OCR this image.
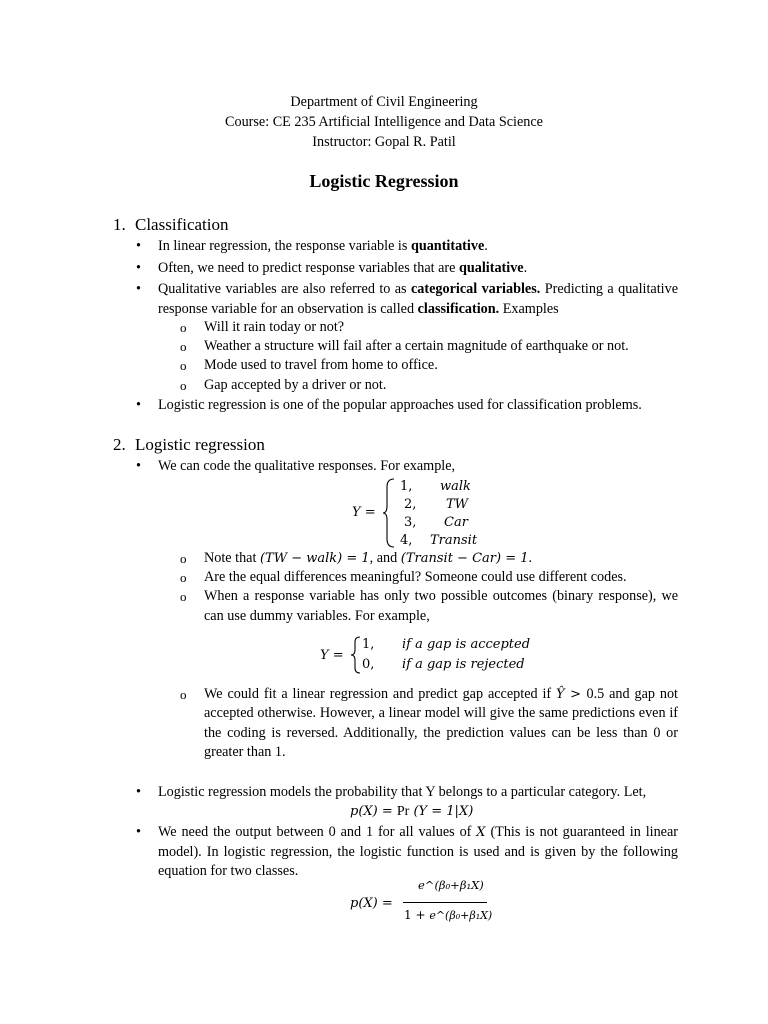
Department of Civil Engineering
Course: CE 235 Artificial Intelligence and Data Science
Instructor: Gopal R. Patil
Logistic Regression
1. Classification
• In linear regression, the response variable is quantitative.
• Often, we need to predict response variables that are qualitative.
• Qualitative variables are also referred to as categorical variables. Predicting a qualitative response variable for an observation is called classification. Examples
o Will it rain today or not?
o Weather a structure will fail after a certain magnitude of earthquake or not.
o Mode used to travel from home to office.
o Gap accepted by a driver or not.
• Logistic regression is one of the popular approaches used for classification problems.
2. Logistic regression
• We can code the qualitative responses. For example,
Y =
1, walk
2, TW
3, Car
4, Transit
o Note that (TW − walk) = 1, and (Transit − Car) = 1.
o Are the equal differences meaningful? Someone could use different codes.
o When a response variable has only two possible outcomes (binary response), we can use dummy variables. For example,
Y =
1, if a gap is accepted
0, if a gap is rejected
o We could fit a linear regression and predict gap accepted if Ŷ > 0.5 and gap not accepted otherwise. However, a linear model will give the same predictions even if the coding is reversed. Additionally, the prediction values can be less than 0 or greater than 1.
• Logistic regression models the probability that Y belongs to a particular category. Let,
p(X) = Pr (Y = 1|X)
• We need the output between 0 and 1 for all values of X (This is not guaranteed in linear model). In logistic regression, the logistic function is used and is given by the following equation for two classes.
p(X) =
e^(β₀+β₁X)
1 + e^(β₀+β₁X)
